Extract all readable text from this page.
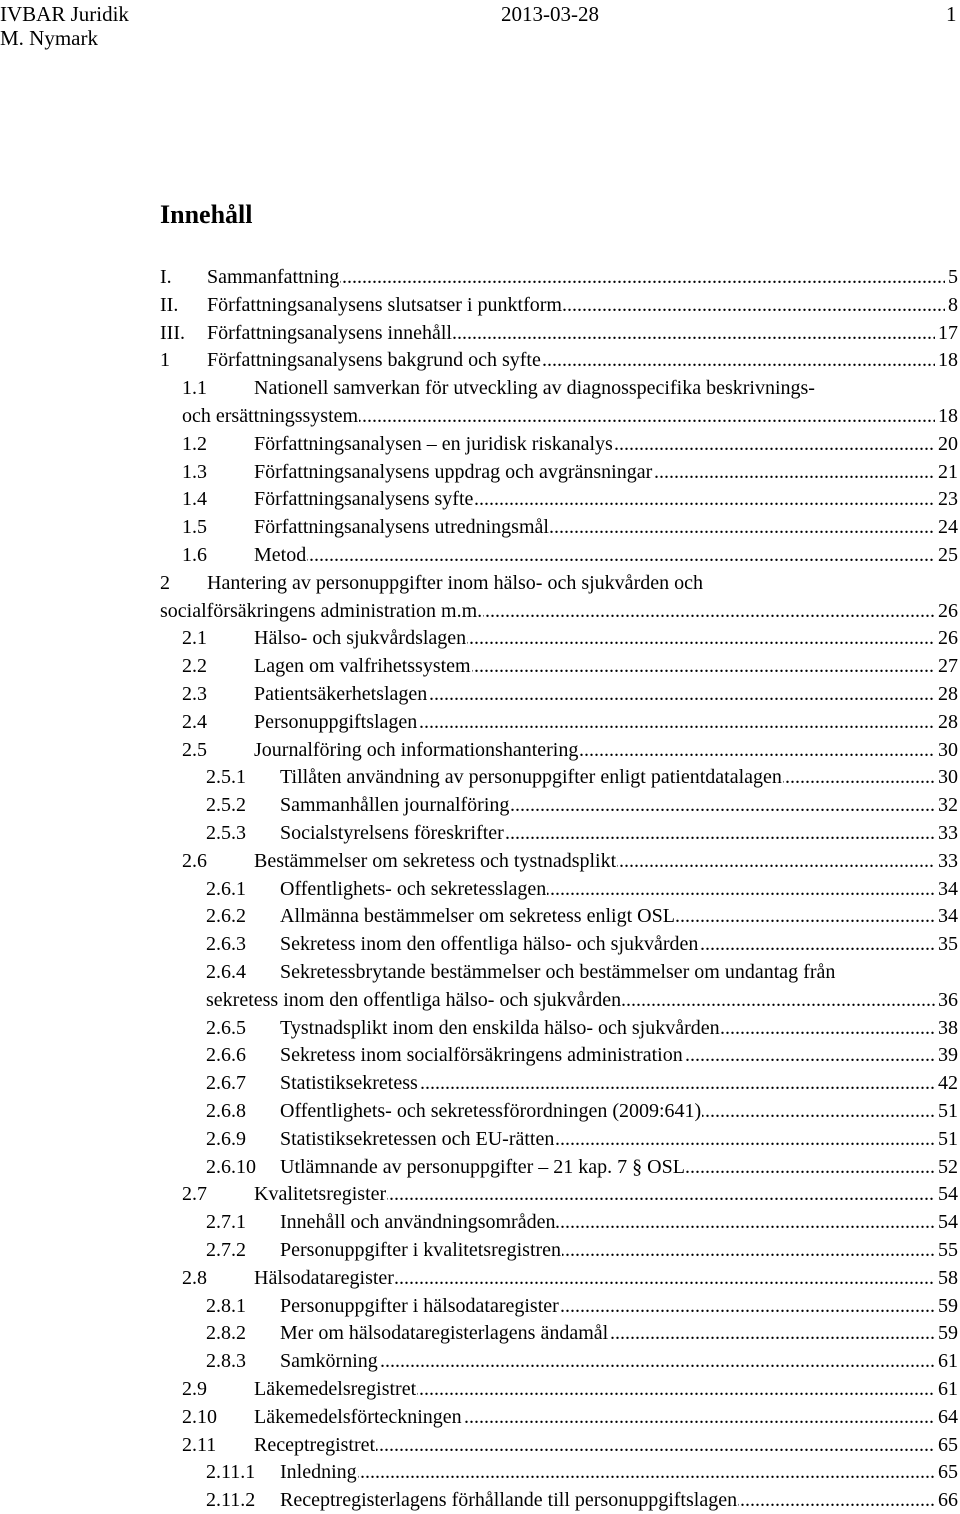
IVBAR Juridik
M. Nymark
2013-03-28	1
Innehåll
.....
I. Sammanfattning	5
.....
II. Författningsanalysens slutsatser i punktform	8
.....
III. Författningsanalysens innehåll	17
.....
1 Författningsanalysens bakgrund och syfte	18
1.1 Nationell samverkan för utveckling av diagnosspecifika beskrivnings-
.....
och ersättningssystem	18
.....
1.2 Författningsanalysen – en juridisk riskanalys	20
.....
1.3 Författningsanalysens uppdrag och avgränsningar	21
.....
1.4 Författningsanalysens syfte	23
.....
1.5 Författningsanalysens utredningsmål	24
.....
1.6 Metod	25
2 Hantering av personuppgifter inom hälso- och sjukvården och
.....
socialförsäkringens administration m.m.	26
.....
2.1 Hälso- och sjukvårdslagen	26
.....
2.2 Lagen om valfrihetssystem	27
.....
2.3 Patientsäkerhetslagen	28
.....
2.4 Personuppgiftslagen	28
.....
2.5 Journalföring och informationshantering	30
.....
2.5.1 Tillåten användning av personuppgifter enligt patientdatalagen	30
.....
2.5.2 Sammanhållen journalföring	32
.....
2.5.3 Socialstyrelsens föreskrifter	33
.....
2.6 Bestämmelser om sekretess och tystnadsplikt	33
.....
2.6.1 Offentlighets- och sekretesslagen	34
.....
2.6.2 Allmänna bestämmelser om sekretess enligt OSL	34
.....
2.6.3 Sekretess inom den offentliga hälso- och sjukvården	35
2.6.4 Sekretessbrytande bestämmelser och bestämmelser om undantag från
.....
sekretess inom den offentliga hälso- och sjukvården	36
.....
2.6.5 Tystnadsplikt inom den enskilda hälso- och sjukvården	38
.....
2.6.6 Sekretess inom socialförsäkringens administration	39
.....
2.6.7 Statistiksekretess	42
.....
2.6.8 Offentlighets- och sekretessförordningen (2009:641)	51
.....
2.6.9 Statistiksekretessen och EU-rätten	51
.....
2.6.10 Utlämnande av personuppgifter – 21 kap. 7 § OSL	52
.....
2.7 Kvalitetsregister	54
.....
2.7.1 Innehåll och användningsområden	54
.....
2.7.2 Personuppgifter i kvalitetsregistren	55
.....
2.8 Hälsodataregister	58
.....
2.8.1 Personuppgifter i hälsodataregister	59
.....
2.8.2 Mer om hälsodataregisterlagens ändamål	59
.....
2.8.3 Samkörning	61
.....
2.9 Läkemedelsregistret	61
.....
2.10 Läkemedelsförteckningen	64
.....
2.11 Receptregistret	65
.....
2.11.1 Inledning	65
.....
2.11.2 Receptregisterlagens förhållande till personuppgiftslagen	66
